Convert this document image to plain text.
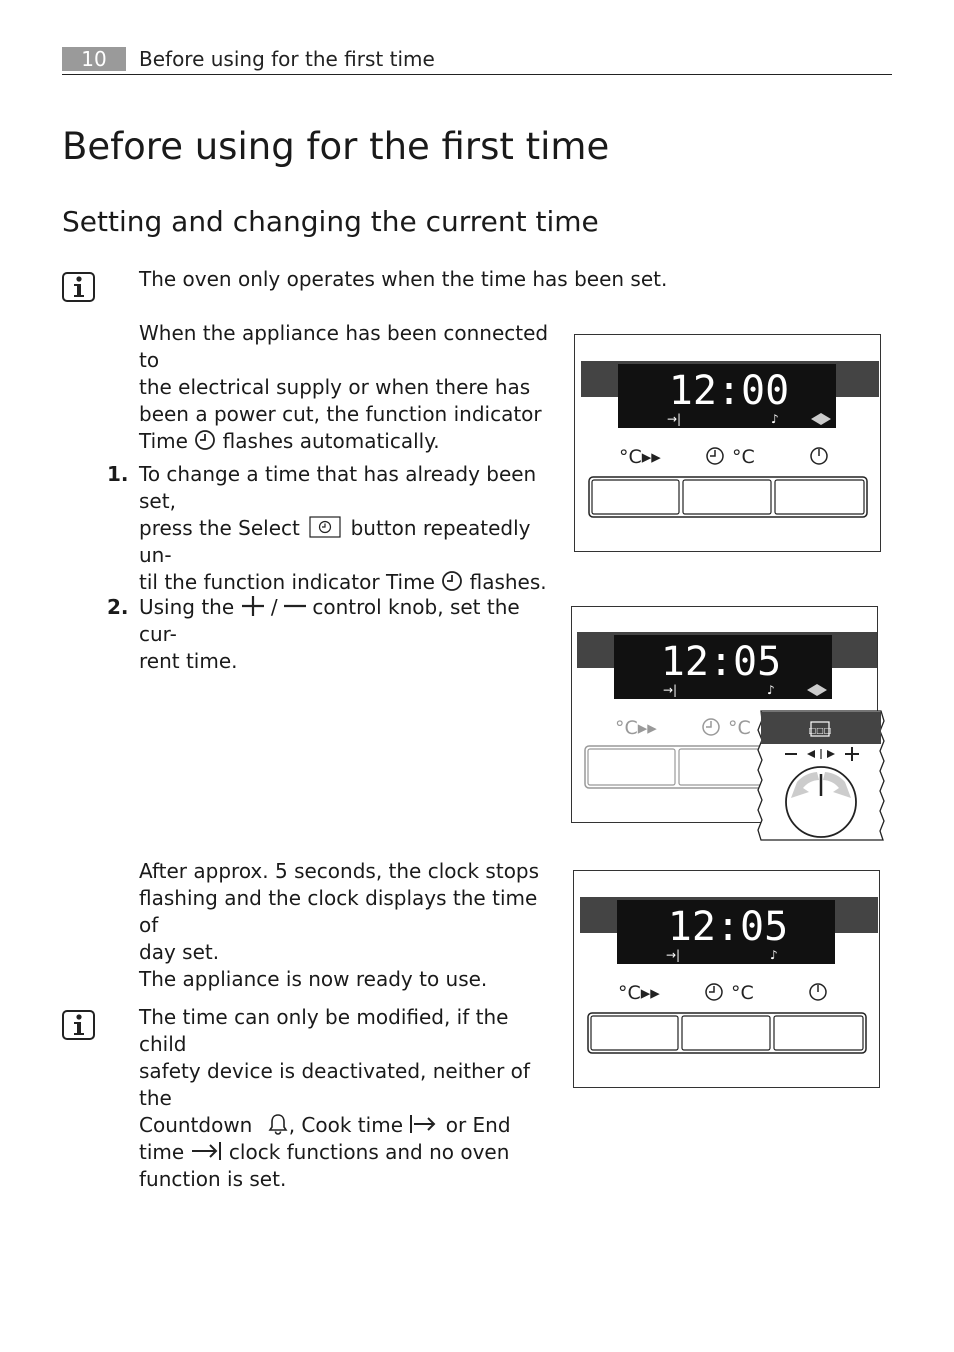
10	Before using for the first time
Before using for the first time
Setting and changing the current time
The oven only operates when the time has been set.
When the appliance has been connected to
the electrical supply or when there has
been a power cut, the function indicator
Time flashes automatically.
1. To change a time that has already been set,
press the Select	button repeatedly un-
til the function indicator Time flashes.
2. Using the / control knob, set the cur-
rent time.
After approx. 5 seconds, the clock stops
flashing and the clock displays the time of
day set.
The appliance is now ready to use.
The time can only be modified, if the child
safety device is deactivated, neither of the
Countdown , Cook time or End
time clock functions and no oven
function is set.
12:00
°C▸▸
|→|	→|	♪
°C
°C▸▸	°C
12:05
°C▸▸
|→|	→|	♪
°C
°C▸▸	°C	□□□
12:05
°C▸▸
|→|	→|	♪
°C
°C▸▸	°C
